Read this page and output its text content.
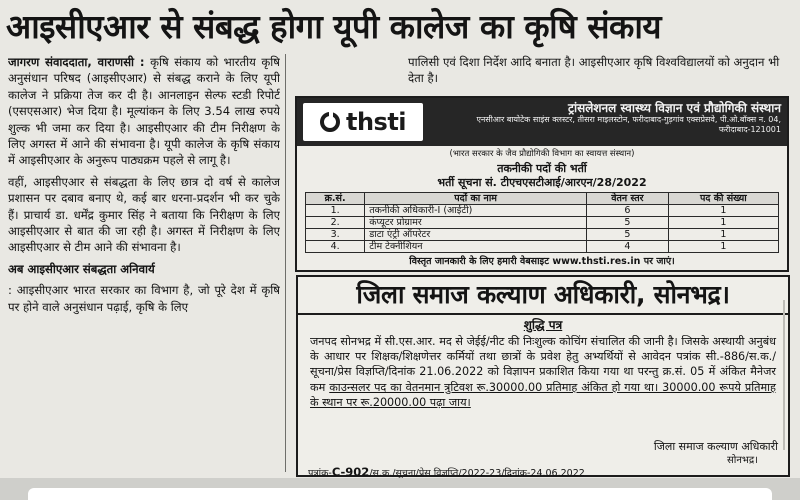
आइसीएआर से संबद्ध होगा यूपी कालेज का कृषि संकाय

जागरण संवाददाता, वाराणसी : कृषि संकाय को भारतीय कृषि अनुसंधान परिषद (आइसीएआर) से संबद्ध कराने के लिए यूपी कालेज ने प्रक्रिया तेज कर दी है। आनलाइन सेल्फ स्टडी रिपोर्ट (एसएसआर) भेज दिया है। मूल्यांकन के लिए 3.54 लाख रुपये शुल्क भी जमा कर दिया है। आइसीएआर की टीम निरीक्षण के लिए अगस्त में आने की संभावना है। यूपी कालेज के कृषि संकाय में आइसीएआर के अनुरूप पाठ्यक्रम पहले से लागू है।

वहीं, आइसीएआर से संबद्धता के लिए छात्र दो वर्ष से कालेज प्रशासन पर दबाव बनाए थे, कई बार धरना-प्रदर्शन भी कर चुके हैं। प्राचार्य डा. धर्मेंद्र कुमार सिंह ने बताया कि निरीक्षण के लिए आइसीएआर से बात की जा रही है। अगस्त में निरीक्षण के लिए आइसीएआर से टीम आने की संभावना है।

अब आइसीएआर संबद्धता अनिवार्य

: आइसीएआर भारत सरकार का विभाग है, जो पूरे देश में कृषि पर होने वाले अनुसंधान पढ़ाई, कृषि के लिए

पालिसी एवं दिशा निर्देश आदि बनाता है। आइसीएआर कृषि विश्वविद्यालयों को अनुदान भी देता है।
thsti	ट्रांसलेशनल स्वास्थ्य विज्ञान एवं प्रौद्योगिकी संस्थान
एनसीआर बायोटेक साइंस क्लस्टर, तीसरा माइलस्टोन, फरीदाबाद-गुड़गांव एक्सप्रेसवे, पी.ओ.बॉक्स न. 04, फरीदाबाद-121001
(भारत सरकार के जैव प्रौद्योगिकी विभाग का स्वायत्त संस्थान)
तकनीकी पदों की भर्ती
भर्ती सूचना सं. टीएचएसटीआई/आरएन/28/2022
क्र.सं.	पदों का नाम	वेतन स्तर	पद की संख्या
1.	तकनीकी अधिकारी-I (आईटी)	6	1
2.	कंप्यूटर प्रोग्रामर	5	1
3.	डाटा एंट्री ऑपरेटर	5	1
4.	टीम टेक्नीशियन	4	1
विस्तृत जानकारी के लिए हमारी वेबसाइट www.thsti.res.in पर जाएं।
जिला समाज कल्याण अधिकारी, सोनभद्र।
शुद्धि पत्र
जनपद सोनभद्र में सी.एस.आर. मद से जेईई/नीट की निःशुल्क कोचिंग संचालित की जानी है। जिसके अस्थायी अनुबंध के आधार पर शिक्षक/शिक्षणेत्तर कर्मियों तथा छात्रों के प्रवेश हेतु अभ्यर्थियों से आवेदन पत्रांक सी.-886/स.क./सूचना/प्रेस विज्ञप्ति/दिनांक 21.06.2022 को विज्ञापन प्रकाशित किया गया था परन्तु क्र.सं. 05 में अंकित मैनेजर कम काउन्सलर पद का वेतनमान त्रुटिवश रू.30000.00 प्रतिमाह अंकित हो गया था। 30000.00 रूपये प्रतिमाह के स्थान पर रू.20000.00 पढ़ा जाय।
जिला समाज कल्याण अधिकारी
सोनभद्र।
पत्रांक-C-902/स.क./सूचना/प्रेस विज्ञप्ति/2022-23/दिनांक-24.06.2022
